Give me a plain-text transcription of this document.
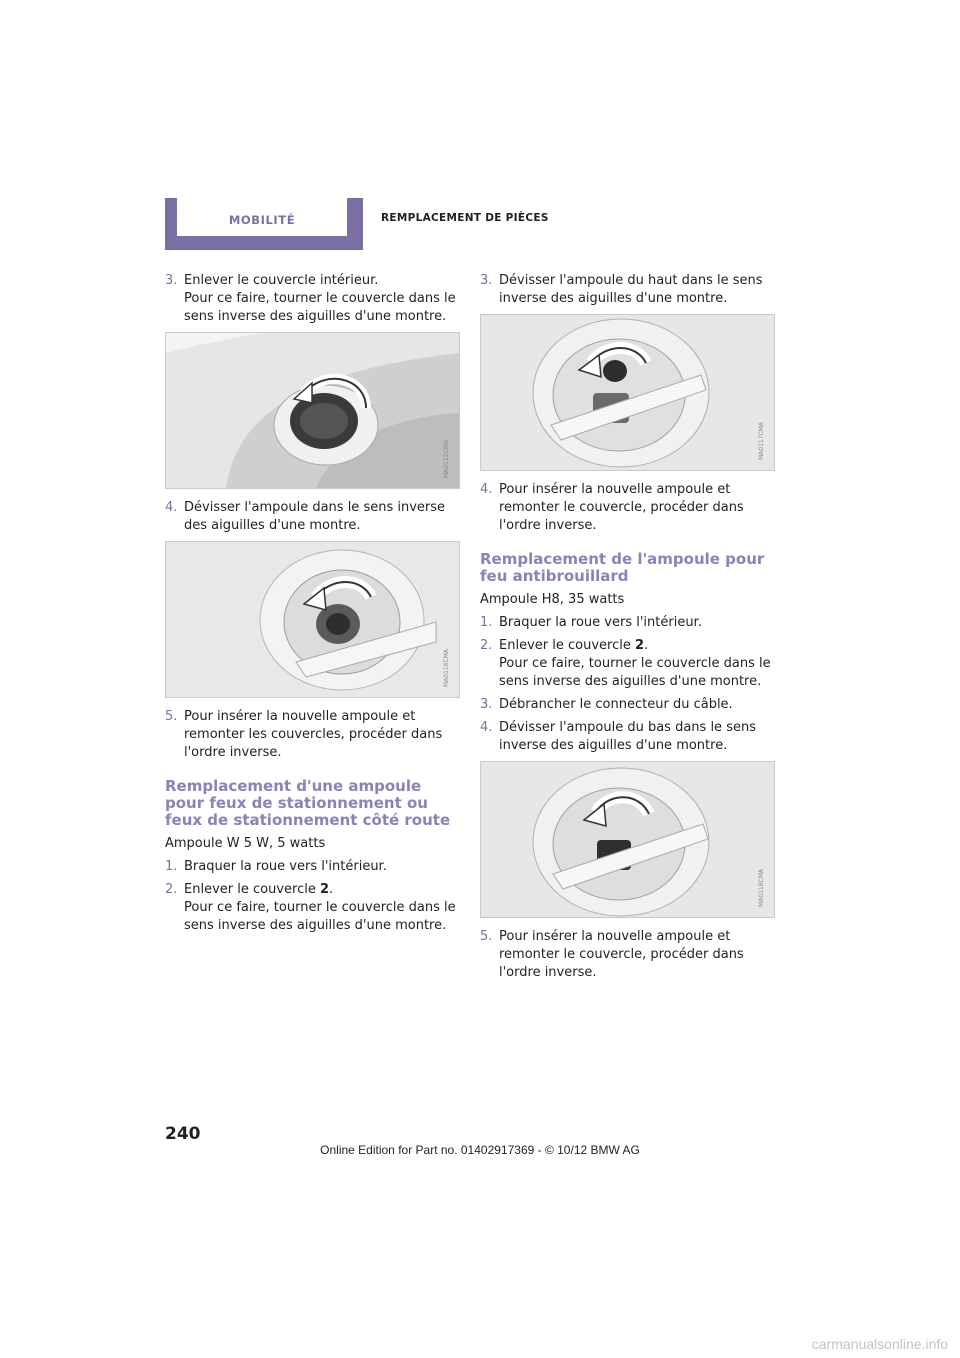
MOBILITÉ	REMPLACEMENT DE PIÈCES
3. Enlever le couvercle intérieur.
Pour ce faire, tourner le couvercle dans le sens inverse des aiguilles d'une montre.
MA0115CMA
4. Dévisser l'ampoule dans le sens inverse des aiguilles d'une montre.
MA0116CMA
5. Pour insérer la nouvelle ampoule et remonter les couvercles, procéder dans l'ordre inverse.
Remplacement d'une ampoule pour feux de stationnement ou feux de stationnement côté route

Ampoule W 5 W, 5 watts

1. Braquer la roue vers l'intérieur.
2. Enlever le couvercle 2.
Pour ce faire, tourner le couvercle dans le sens inverse des aiguilles d'une montre.
3. Dévisser l'ampoule du haut dans le sens inverse des aiguilles d'une montre.
MA0117CMA
4. Pour insérer la nouvelle ampoule et remonter le couvercle, procéder dans l'ordre inverse.
Remplacement de l'ampoule pour feu antibrouillard

Ampoule H8, 35 watts

1. Braquer la roue vers l'intérieur.
2. Enlever le couvercle 2.
Pour ce faire, tourner le couvercle dans le sens inverse des aiguilles d'une montre.
3. Débrancher le connecteur du câble.
4. Dévisser l'ampoule du bas dans le sens inverse des aiguilles d'une montre.
MA0118CMA
5. Pour insérer la nouvelle ampoule et remonter le couvercle, procéder dans l'ordre inverse.
240
Online Edition for Part no. 01402917369 - © 10/12 BMW AG
carmanualsonline.info
